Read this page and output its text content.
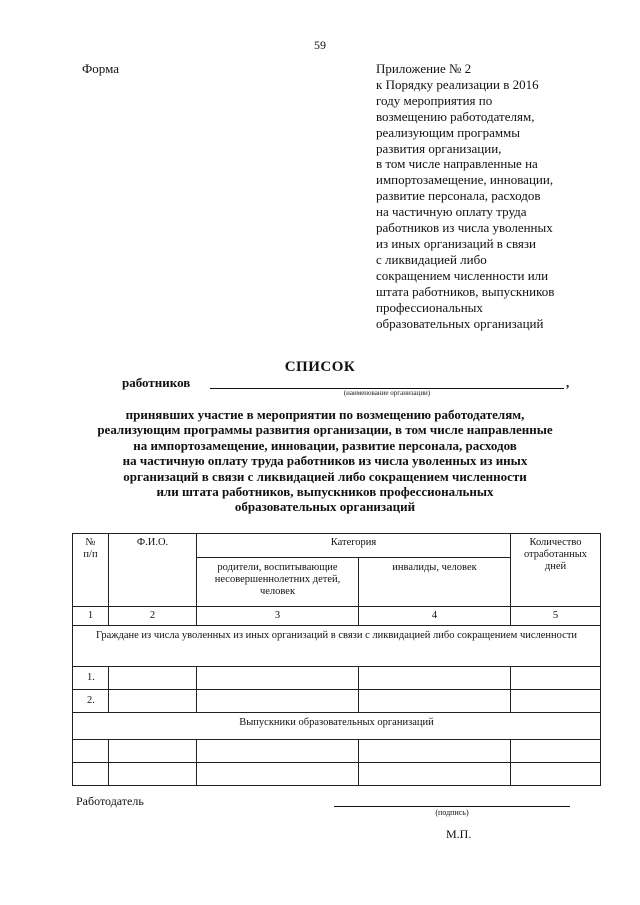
59
Форма	Приложение № 2
к Порядку реализации в 2016
году мероприятия по
возмещению работодателям,
реализующим программы
развития организации,
в том числе направленные на
импортозамещение, инновации,
развитие персонала, расходов
на частичную оплату труда
работников из числа уволенных
из иных организаций в связи
с ликвидацией либо
сокращением численности или
штата работников, выпускников
профессиональных
образовательных организаций
СПИСОК
работников	,
(наименование организации)
принявших участие в мероприятии по возмещению работодателям,
реализующим программы развития организации, в том числе направленные
на импортозамещение, инновации, развитие персонала, расходов
на частичную оплату труда работников из числа уволенных из иных
организаций в связи с ликвидацией либо сокращением численности
или штата работников, выпускников профессиональных
образовательных организаций
№
п/п	Ф.И.О.	Категория		Количество отработанных дней
		родители, воспитывающие несовершеннолетних детей, человек	инвалиды, человек	
1	2	3	4	5
Граждане из числа уволенных из иных организаций в связи с ликвидацией либо сокращением численности				
1.				
2.				
Выпускники образовательных организаций				

Работодатель
(подпись)
М.П.
